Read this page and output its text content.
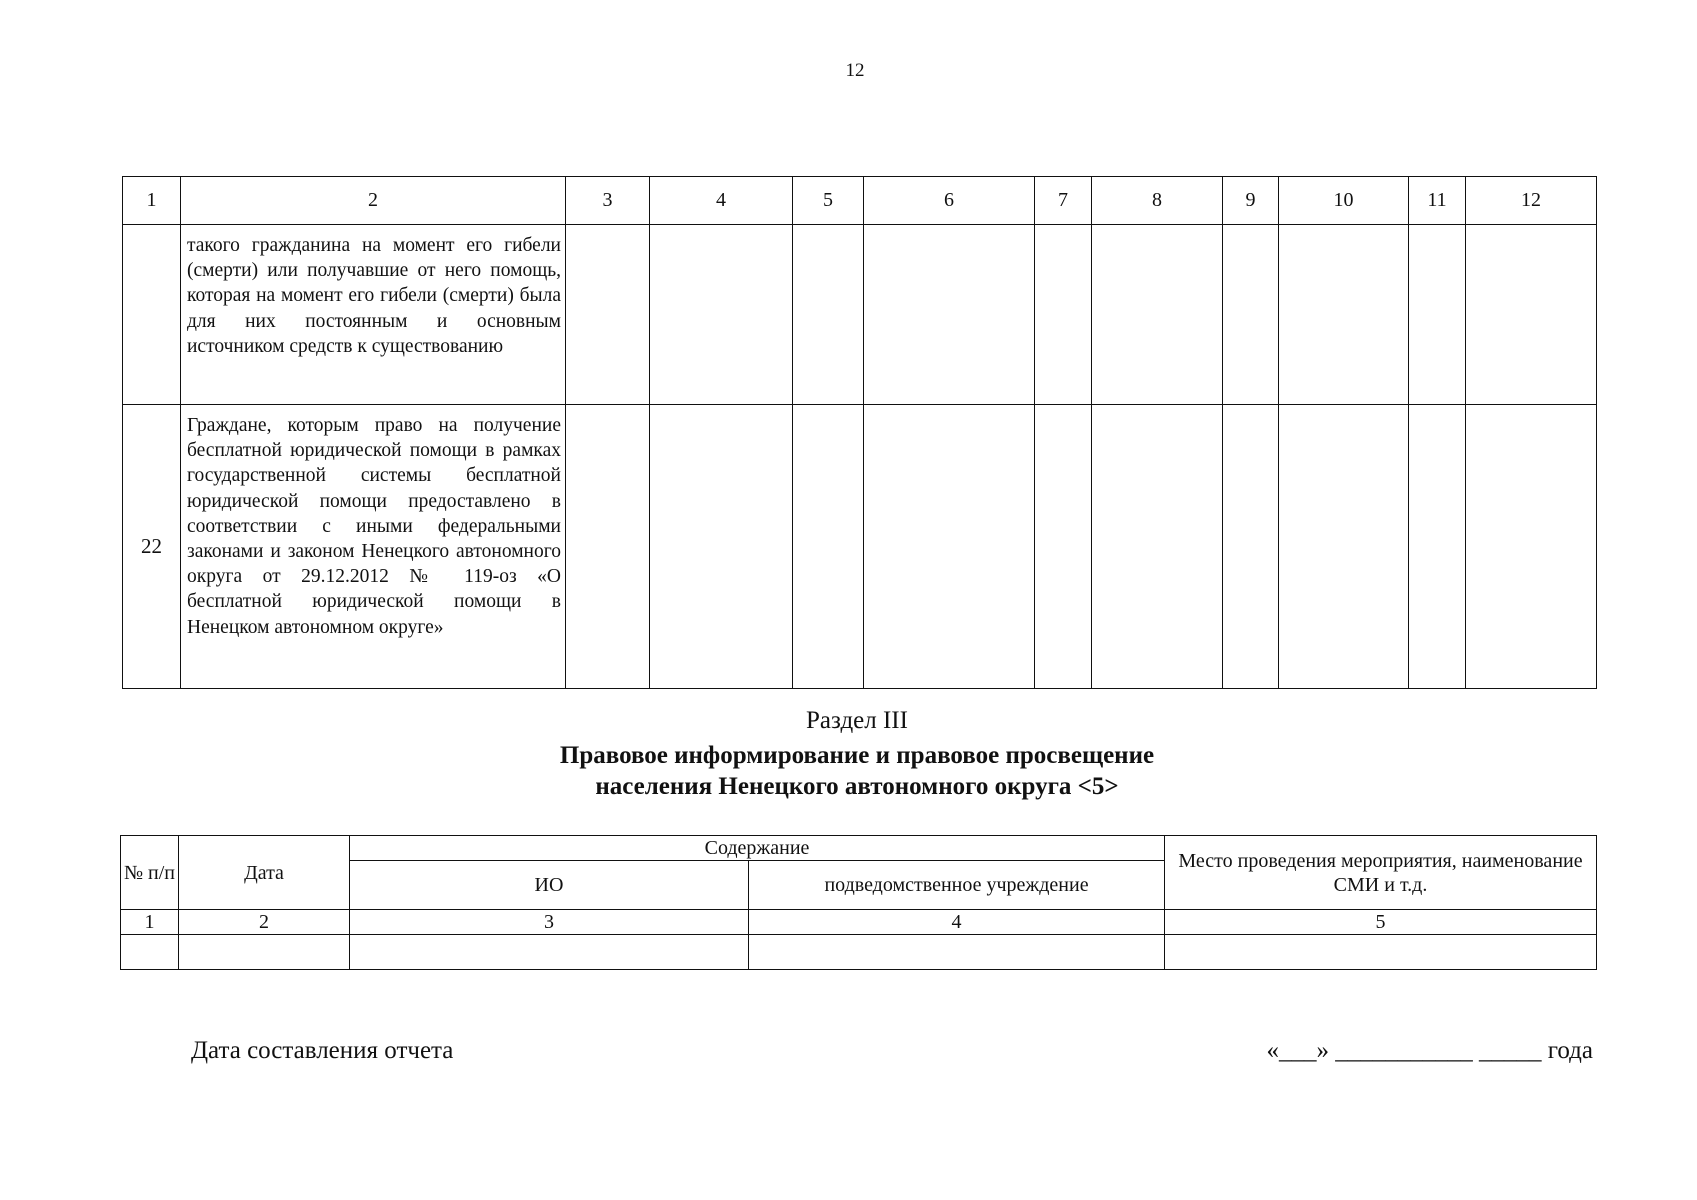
12
1	2	3	4	5	6	7	8	9	10	11	12
	такого гражданина на момент его гибели (смерти) или получавшие от него помощь, которая на момент его гибели (смерти) была для них постоянным и основным источником средств к существованию										
22	Граждане, которым право на получение бесплатной юридической помощи в рамках государственной системы бесплатной юридической помощи предоставлено в соответствии с иными федеральными законами и законом Ненецкого автономного округа от 29.12.2012 № 119-оз «О бесплатной юридической помощи в Ненецком автономном округе»										
Раздел III
Правовое информирование и правовое просвещение
населения Ненецкого автономного округа <5>
№ п/п	Дата	Содержание		Место проведения мероприятия, наименование СМИ и т.д.
		ИО	подведомственное учреждение	
1	2	3	4	5

Дата составления отчета	«___» ___________ _____ года
